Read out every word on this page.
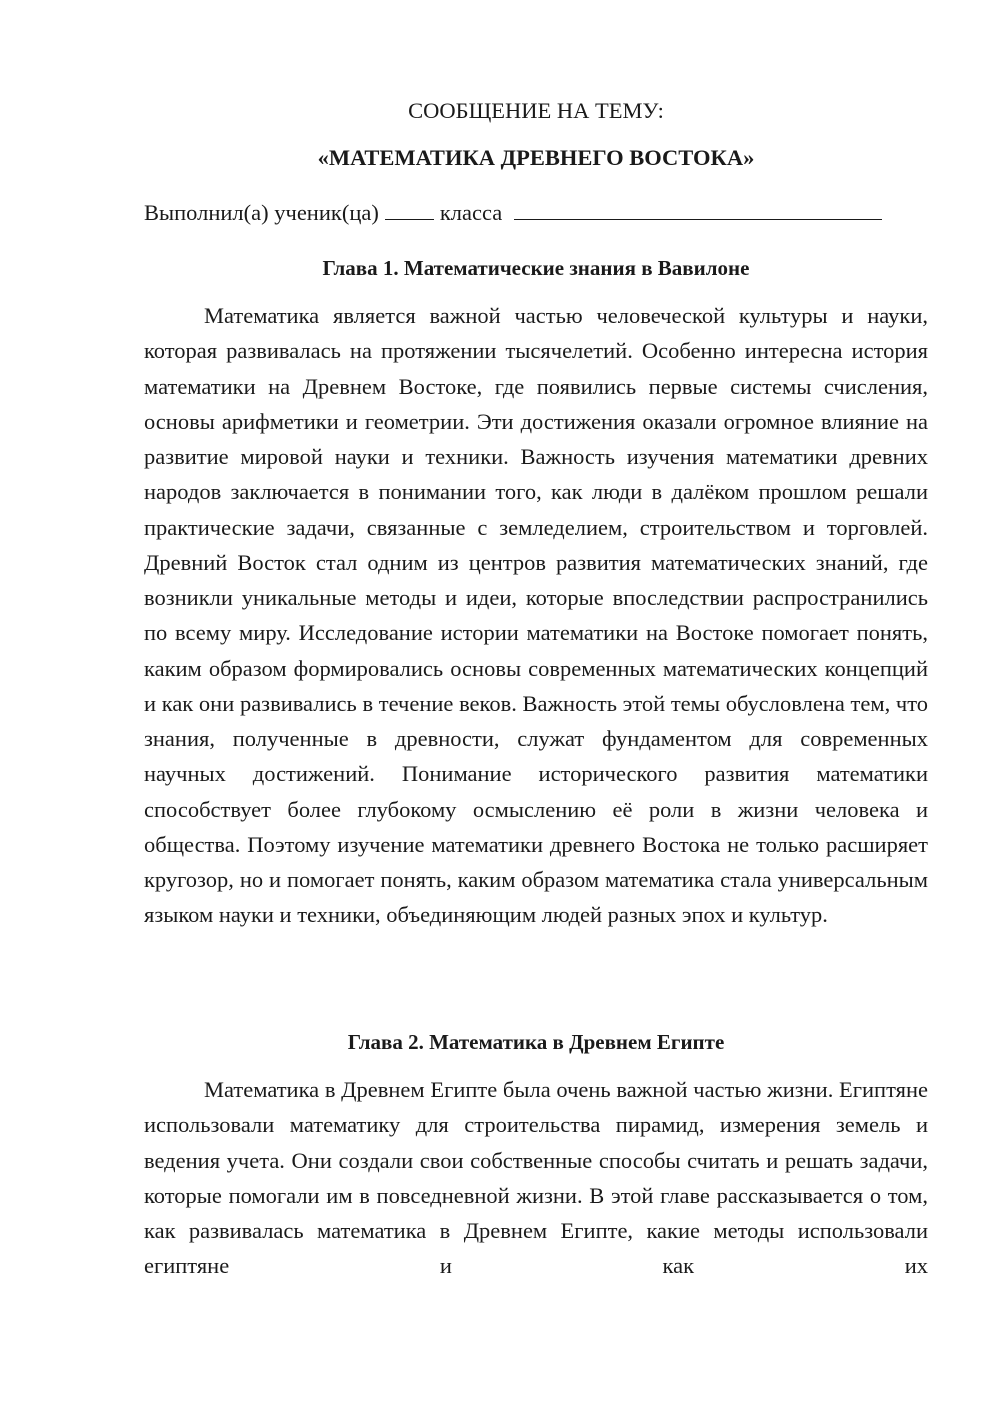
СООБЩЕНИЕ НА ТЕМУ:
«МАТЕМАТИКА ДРЕВНЕГО ВОСТОКА»
Выполнил(а) ученик(ца)	класса
Глава 1. Математические знания в Вавилоне

Математика является важной частью человеческой культуры и науки, которая развивалась на протяжении тысячелетий. Особенно интересна история математики на Древнем Востоке, где появились первые системы счисления, основы арифметики и геометрии. Эти достижения оказали огромное влияние на развитие мировой науки и техники. Важность изучения математики древних народов заключается в понимании того, как люди в далёком прошлом решали практические задачи, связанные с земледелием, строительством и торговлей. Древний Восток стал одним из центров развития математических знаний, где возникли уникальные методы и идеи, которые впоследствии распространились по всему миру. Исследование истории математики на Востоке помогает понять, каким образом формировались основы современных математических концепций и как они развивались в течение веков. Важность этой темы обусловлена тем, что знания, полученные в древности, служат фундаментом для современных научных достижений. Понимание исторического развития математики способствует более глубокому осмыслению её роли в жизни человека и общества. Поэтому изучение математики древнего Востока не только расширяет кругозор, но и помогает понять, каким образом математика стала универсальным языком науки и техники, объединяющим людей разных эпох и культур.

Глава 2. Математика в Древнем Египте

Математика в Древнем Египте была очень важной частью жизни. Египтяне использовали математику для строительства пирамид, измерения земель и ведения учета. Они создали свои собственные способы считать и решать задачи, которые помогали им в повседневной жизни. В этой главе рассказывается о том, как развивалась математика в Древнем Египте, какие методы использовали египтяне и как их
